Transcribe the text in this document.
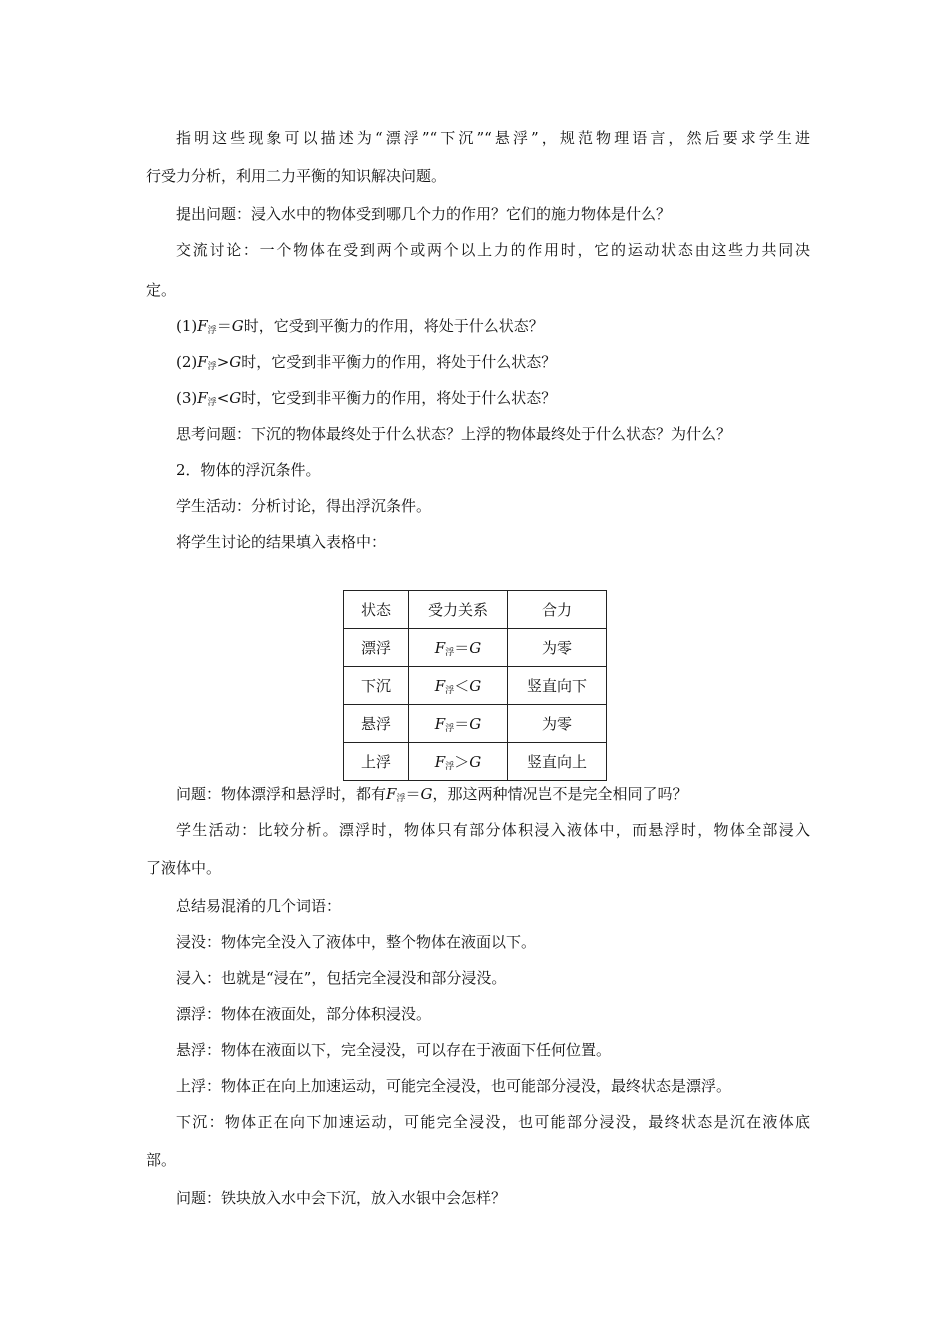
指明这些现象可以描述为“漂浮”“下沉”“悬浮”，规范物理语言，然后要求学生进
行受力分析，利用二力平衡的知识解决问题。
提出问题：浸入水中的物体受到哪几个力的作用？它们的施力物体是什么？
交流讨论：一个物体在受到两个或两个以上力的作用时，它的运动状态由这些力共同决
定。
$(1)F_浮=G$时，它受到平衡力的作用，将处于什么状态？
$(2)F_浮>G$时，它受到非平衡力的作用，将处于什么状态？
$(3)F_浮<G$时，它受到非平衡力的作用，将处于什么状态？
思考问题：下沉的物体最终处于什么状态？上浮的物体最终处于什么状态？为什么？
2．物体的浮沉条件。
学生活动：分析讨论，得出浮沉条件。
将学生讨论的结果填入表格中：
状态	受力关系	合力
漂浮	$F_浮=G$	为零
下沉	$F_浮<G$	竖直向下
悬浮	$F_浮=G$	为零
上浮	$F_浮>G$	竖直向上
问题：物体漂浮和悬浮时，都有$F_浮=G$，那这两种情况岂不是完全相同了吗？
学生活动：比较分析。漂浮时，物体只有部分体积浸入液体中，而悬浮时，物体全部浸入
了液体中。
总结易混淆的几个词语：
浸没：物体完全没入了液体中，整个物体在液面以下。
浸入：也就是“浸在”，包括完全浸没和部分浸没。
漂浮：物体在液面处，部分体积浸没。
悬浮：物体在液面以下，完全浸没，可以存在于液面下任何位置。
上浮：物体正在向上加速运动，可能完全浸没，也可能部分浸没，最终状态是漂浮。
下沉：物体正在向下加速运动，可能完全浸没，也可能部分浸没，最终状态是沉在液体底
部。
问题：铁块放入水中会下沉，放入水银中会怎样？
